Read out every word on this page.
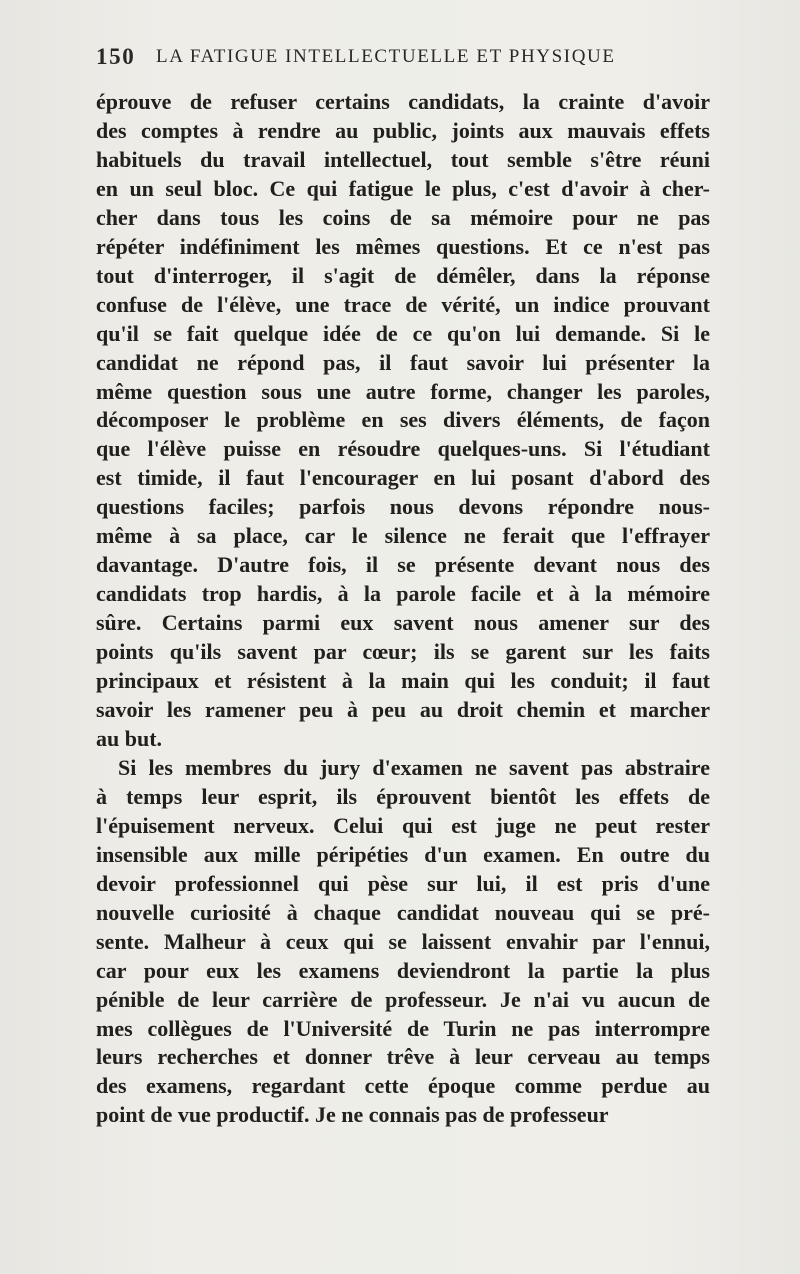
150 LA FATIGUE INTELLECTUELLE ET PHYSIQUE
éprouve de refuser certains candidats, la crainte d'avoir
des comptes à rendre au public, joints aux mauvais effets
habituels du travail intellectuel, tout semble s'être réuni
en un seul bloc. Ce qui fatigue le plus, c'est d'avoir à cher-
cher dans tous les coins de sa mémoire pour ne pas
répéter indéfiniment les mêmes questions. Et ce n'est pas
tout d'interroger, il s'agit de démêler, dans la réponse
confuse de l'élève, une trace de vérité, un indice prouvant
qu'il se fait quelque idée de ce qu'on lui demande. Si le
candidat ne répond pas, il faut savoir lui présenter la
même question sous une autre forme, changer les paroles,
décomposer le problème en ses divers éléments, de façon
que l'élève puisse en résoudre quelques-uns. Si l'étudiant
est timide, il faut l'encourager en lui posant d'abord des
questions faciles; parfois nous devons répondre nous-
même à sa place, car le silence ne ferait que l'effrayer
davantage. D'autre fois, il se présente devant nous des
candidats trop hardis, à la parole facile et à la mémoire
sûre. Certains parmi eux savent nous amener sur des
points qu'ils savent par cœur; ils se garent sur les faits
principaux et résistent à la main qui les conduit; il faut
savoir les ramener peu à peu au droit chemin et marcher
au but.
Si les membres du jury d'examen ne savent pas abstraire
à temps leur esprit, ils éprouvent bientôt les effets de
l'épuisement nerveux. Celui qui est juge ne peut rester
insensible aux mille péripéties d'un examen. En outre du
devoir professionnel qui pèse sur lui, il est pris d'une
nouvelle curiosité à chaque candidat nouveau qui se pré-
sente. Malheur à ceux qui se laissent envahir par l'ennui,
car pour eux les examens deviendront la partie la plus
pénible de leur carrière de professeur. Je n'ai vu aucun de
mes collègues de l'Université de Turin ne pas interrompre
leurs recherches et donner trêve à leur cerveau au temps
des examens, regardant cette époque comme perdue au
point de vue productif. Je ne connais pas de professeur
